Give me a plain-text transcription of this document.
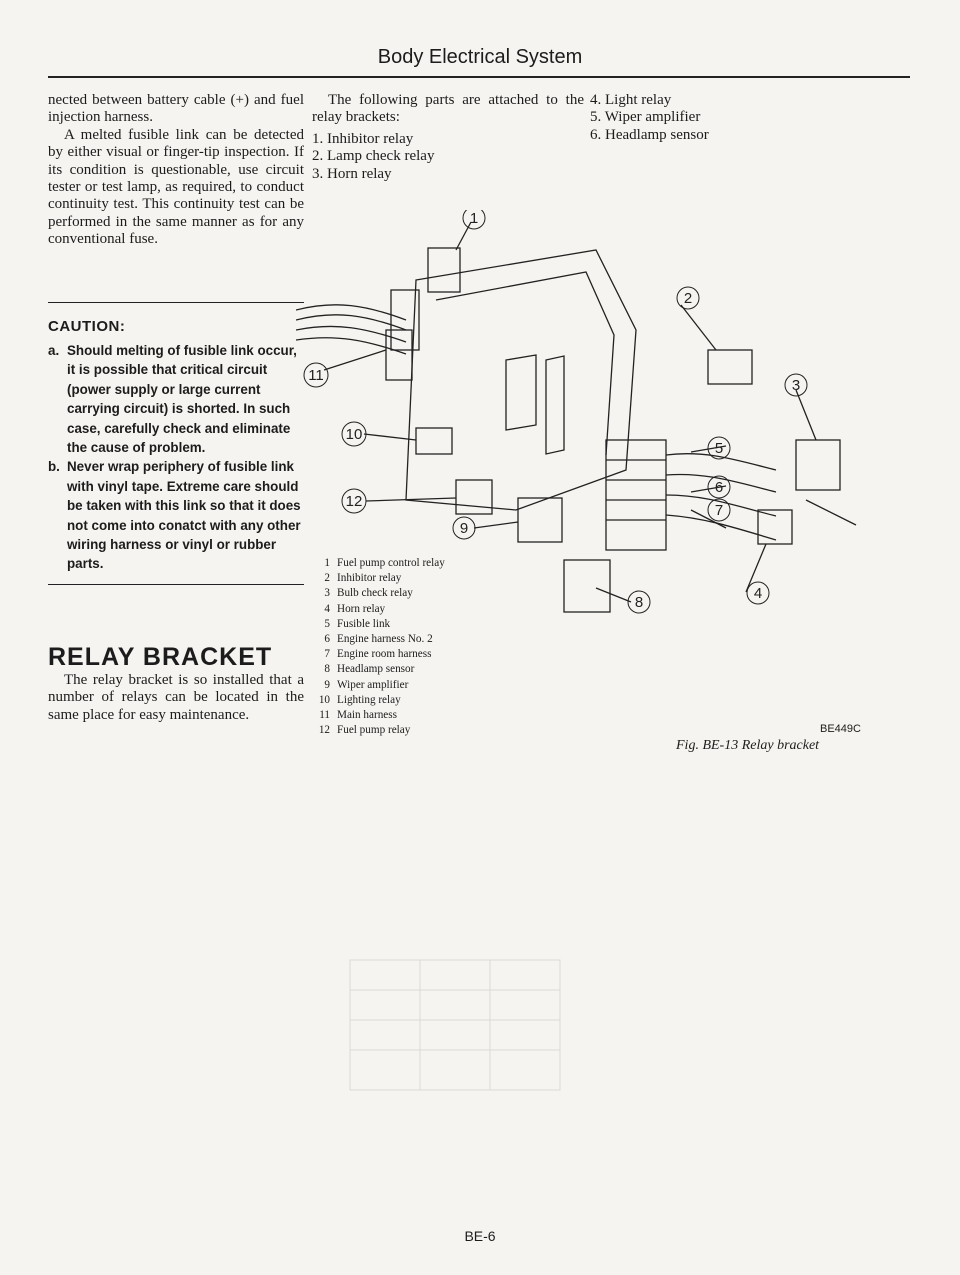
Body Electrical System

nected between battery cable (+) and fuel injection harness.

A melted fusible link can be detected by either visual or finger-tip inspection. If its condition is questionable, use circuit tester or test lamp, as required, to conduct continuity test. This continuity test can be performed in the same manner as for any conventional fuse.

CAUTION:
a. Should melting of fusible link occur, it is possible that critical circuit (power supply or large current carrying circuit) is shorted. In such case, carefully check and eliminate the cause of problem.
b. Never wrap periphery of fusible link with vinyl tape. Extreme care should be taken with this link so that it does not come into conatct with any other wiring harness or vinyl or rubber parts.
RELAY BRACKET

The relay bracket is so installed that a number of relays can be located in the same place for easy maintenance.

The following parts are attached to the relay brackets:

1. Inhibitor relay
2. Lamp check relay
3. Horn relay
4. Light relay
5. Wiper amplifier
6. Headlamp sensor
1
2
3
4
5
6
7
8
9
10
11
12
1 Fuel pump control relay
2 Inhibitor relay
3 Bulb check relay
4 Horn relay
5 Fusible link
6 Engine harness No. 2
7 Engine room harness
8 Headlamp sensor
9 Wiper amplifier
10 Lighting relay
11 Main harness
12 Fuel pump relay	BE449C
Fig. BE-13 Relay bracket
BE-6
